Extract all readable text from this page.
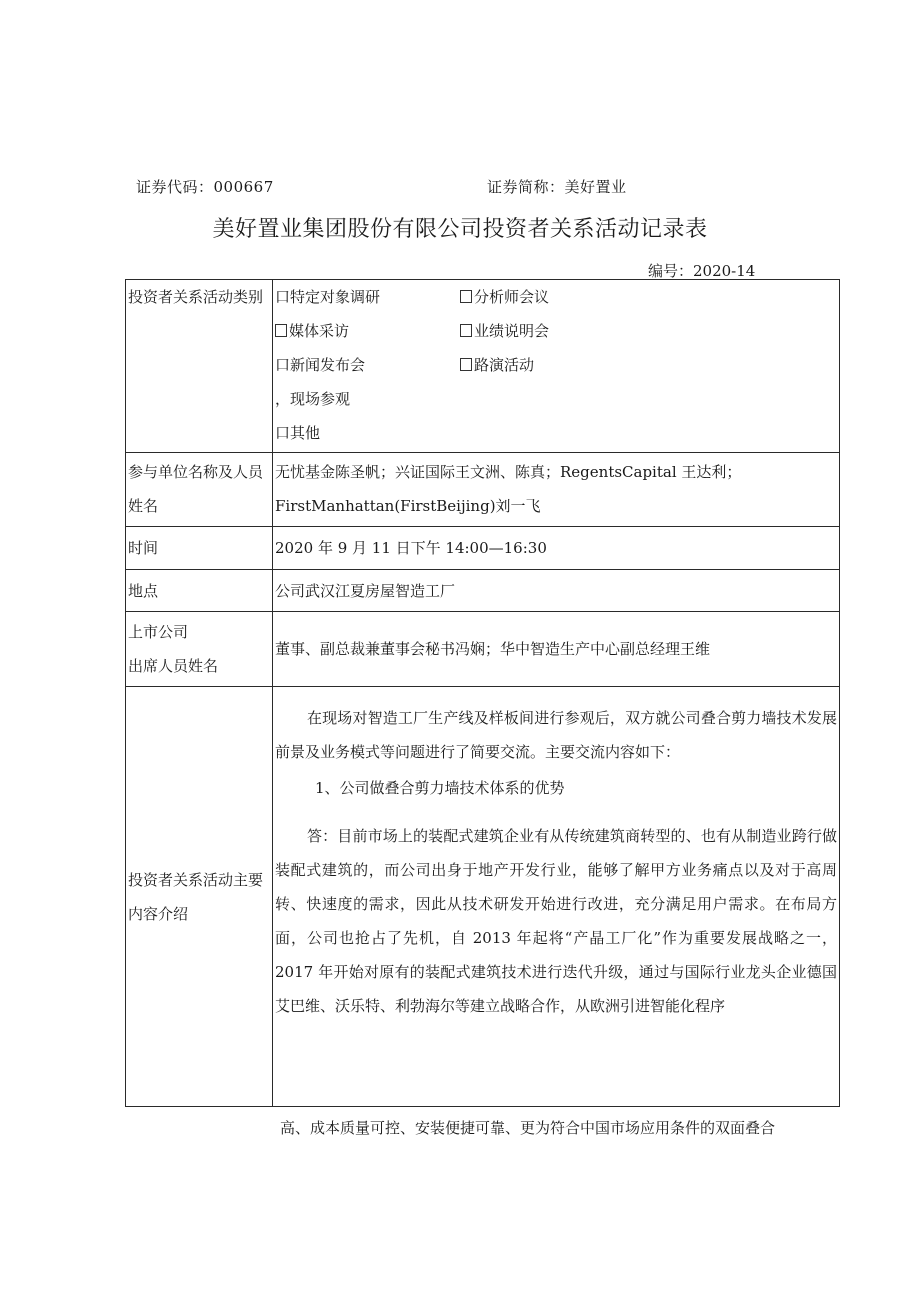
证券代码：000667	证券简称：美好置业
美好置业集团股份有限公司投资者关系活动记录表
编号：2020-14
投资者关系活动类别	口特定对象调研 分析师会议
媒体采访 业绩说明会
口新闻发布会 路演活动
，现场参观
口其他

参与单位名称及人员姓名	无忧基金陈圣帆；兴证国际王文洲、陈真；RegentsCapital 王达利；
FirstManhattan(FirstBeijing)刘一飞

时间	2020 年 9 月 11 日下午 14:00—16:30
地点	公司武汉江夏房屋智造工厂

上市公司
出席人员姓名	董事、副总裁兼董事会秘书冯娴；华中智造生产中心副总经理王维
投资者关系活动主要内容介绍	在现场对智造工厂生产线及样板间进行参观后，双方就公司叠合剪力墙技术发展前景及业务模式等问题进行了简要交流。主要交流内容如下：

1、公司做叠合剪力墙技术体系的优势

答：目前市场上的装配式建筑企业有从传统建筑商转型的、也有从制造业跨行做装配式建筑的，而公司出身于地产开发行业，能够了解甲方业务痛点以及对于高周转、快速度的需求，因此从技术研发开始进行改进，充分满足用户需求。在布局方面，公司也抢占了先机，自 2013 年起将“产晶工厂化”作为重要发展战略之一，2017 年开始对原有的装配式建筑技术进行迭代升级，通过与国际行业龙头企业德国艾巴维、沃乐特、利勃海尔等建立战略合作，从欧洲引进智能化程序

高、成本质量可控、安装便捷可靠、更为符合中国市场应用条件的双面叠合
